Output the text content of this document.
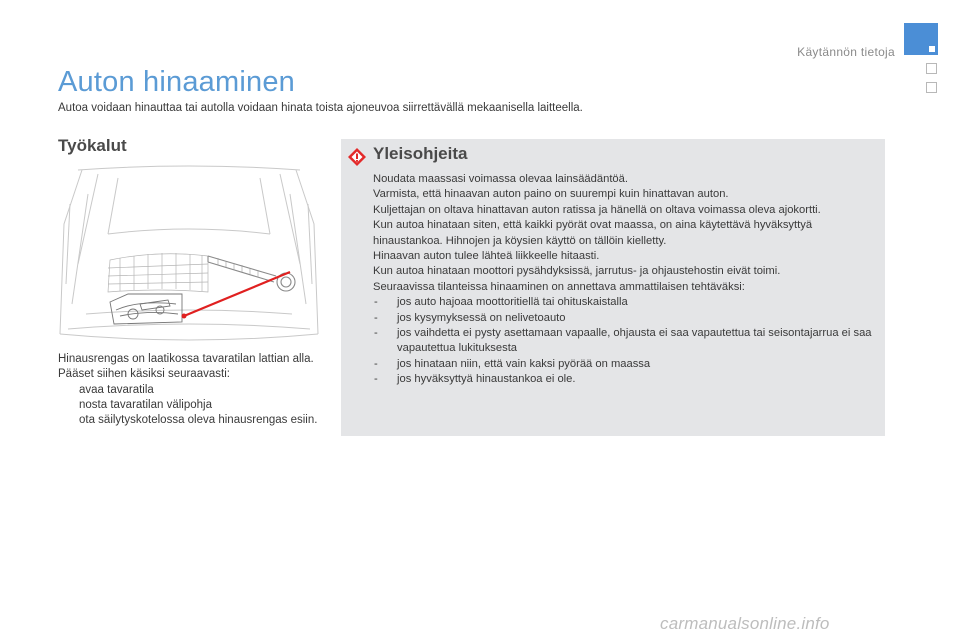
Käytännön tietoja
Auton hinaaminen

Autoa voidaan hinauttaa tai autolla voidaan hinata toista ajoneuvoa siirrettävällä mekaanisella laitteella.

Työkalut

Hinausrengas on laatikossa tavaratilan lattian alla.

Pääset siihen käsiksi seuraavasti:

avaa tavaratila
nosta tavaratilan välipohja
ota säilytyskotelossa oleva hinausrengas esiin.
Yleisohjeita

Noudata maassasi voimassa olevaa lainsäädäntöä.

Varmista, että hinaavan auton paino on suurempi kuin hinattavan auton.

Kuljettajan on oltava hinattavan auton ratissa ja hänellä on oltava voimassa oleva ajokortti.

Kun autoa hinataan siten, että kaikki pyörät ovat maassa, on aina käytettävä hyväksyttyä hinaustankoa. Hihnojen ja köysien käyttö on tällöin kielletty.

Hinaavan auton tulee lähteä liikkeelle hitaasti.

Kun autoa hinataan moottori pysähdyksissä, jarrutus- ja ohjaustehostin eivät toimi.

Seuraavissa tilanteissa hinaaminen on annettava ammattilaisen tehtäväksi:

- jos auto hajoaa moottoritiellä tai ohituskaistalla
- jos kysymyksessä on nelivetoauto
- jos vaihdetta ei pysty asettamaan vapaalle, ohjausta ei saa vapautettua tai seisontajarrua ei saa vapautettua lukituksesta
- jos hinataan niin, että vain kaksi pyörää on maassa
- jos hyväksyttyä hinaustankoa ei ole.
carmanualsonline.info
